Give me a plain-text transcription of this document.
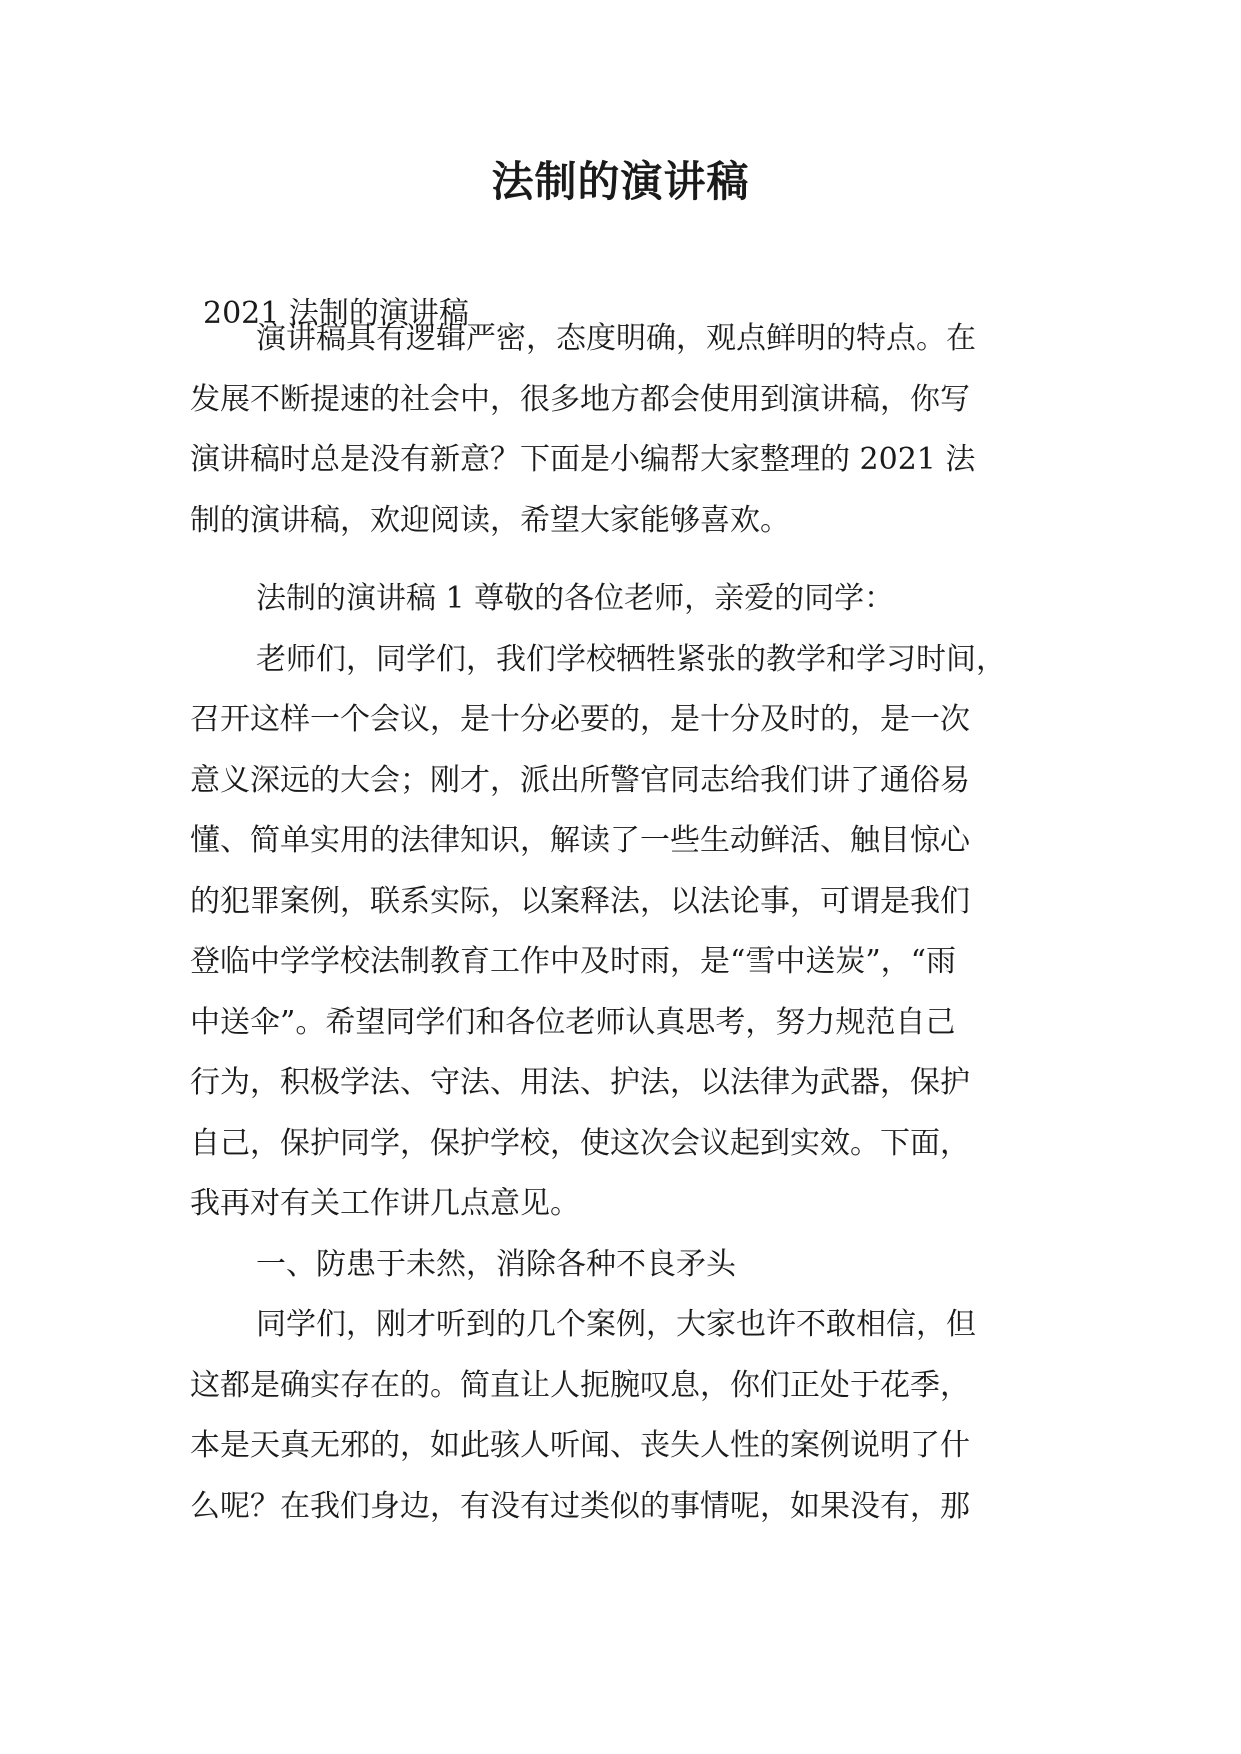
法制的演讲稿
2021 法制的演讲稿
演讲稿具有逻辑严密，态度明确，观点鲜明的特点。在
发展不断提速的社会中，很多地方都会使用到演讲稿，你写
演讲稿时总是没有新意？下面是小编帮大家整理的 2021 法
制的演讲稿，欢迎阅读，希望大家能够喜欢。
法制的演讲稿 1 尊敬的各位老师，亲爱的同学：
老师们，同学们，我们学校牺牲紧张的教学和学习时间，
召开这样一个会议，是十分必要的，是十分及时的，是一次
意义深远的大会；刚才，派出所警官同志给我们讲了通俗易
懂、简单实用的法律知识，解读了一些生动鲜活、触目惊心
的犯罪案例，联系实际，以案释法，以法论事，可谓是我们
登临中学学校法制教育工作中及时雨，是“雪中送炭”，“雨
中送伞”。希望同学们和各位老师认真思考，努力规范自己
行为，积极学法、守法、用法、护法，以法律为武器，保护
自己，保护同学，保护学校，使这次会议起到实效。下面，
我再对有关工作讲几点意见。
一、防患于未然，消除各种不良矛头
同学们，刚才听到的几个案例，大家也许不敢相信，但
这都是确实存在的。简直让人扼腕叹息，你们正处于花季，
本是天真无邪的，如此骇人听闻、丧失人性的案例说明了什
么呢？在我们身边，有没有过类似的事情呢，如果没有，那
